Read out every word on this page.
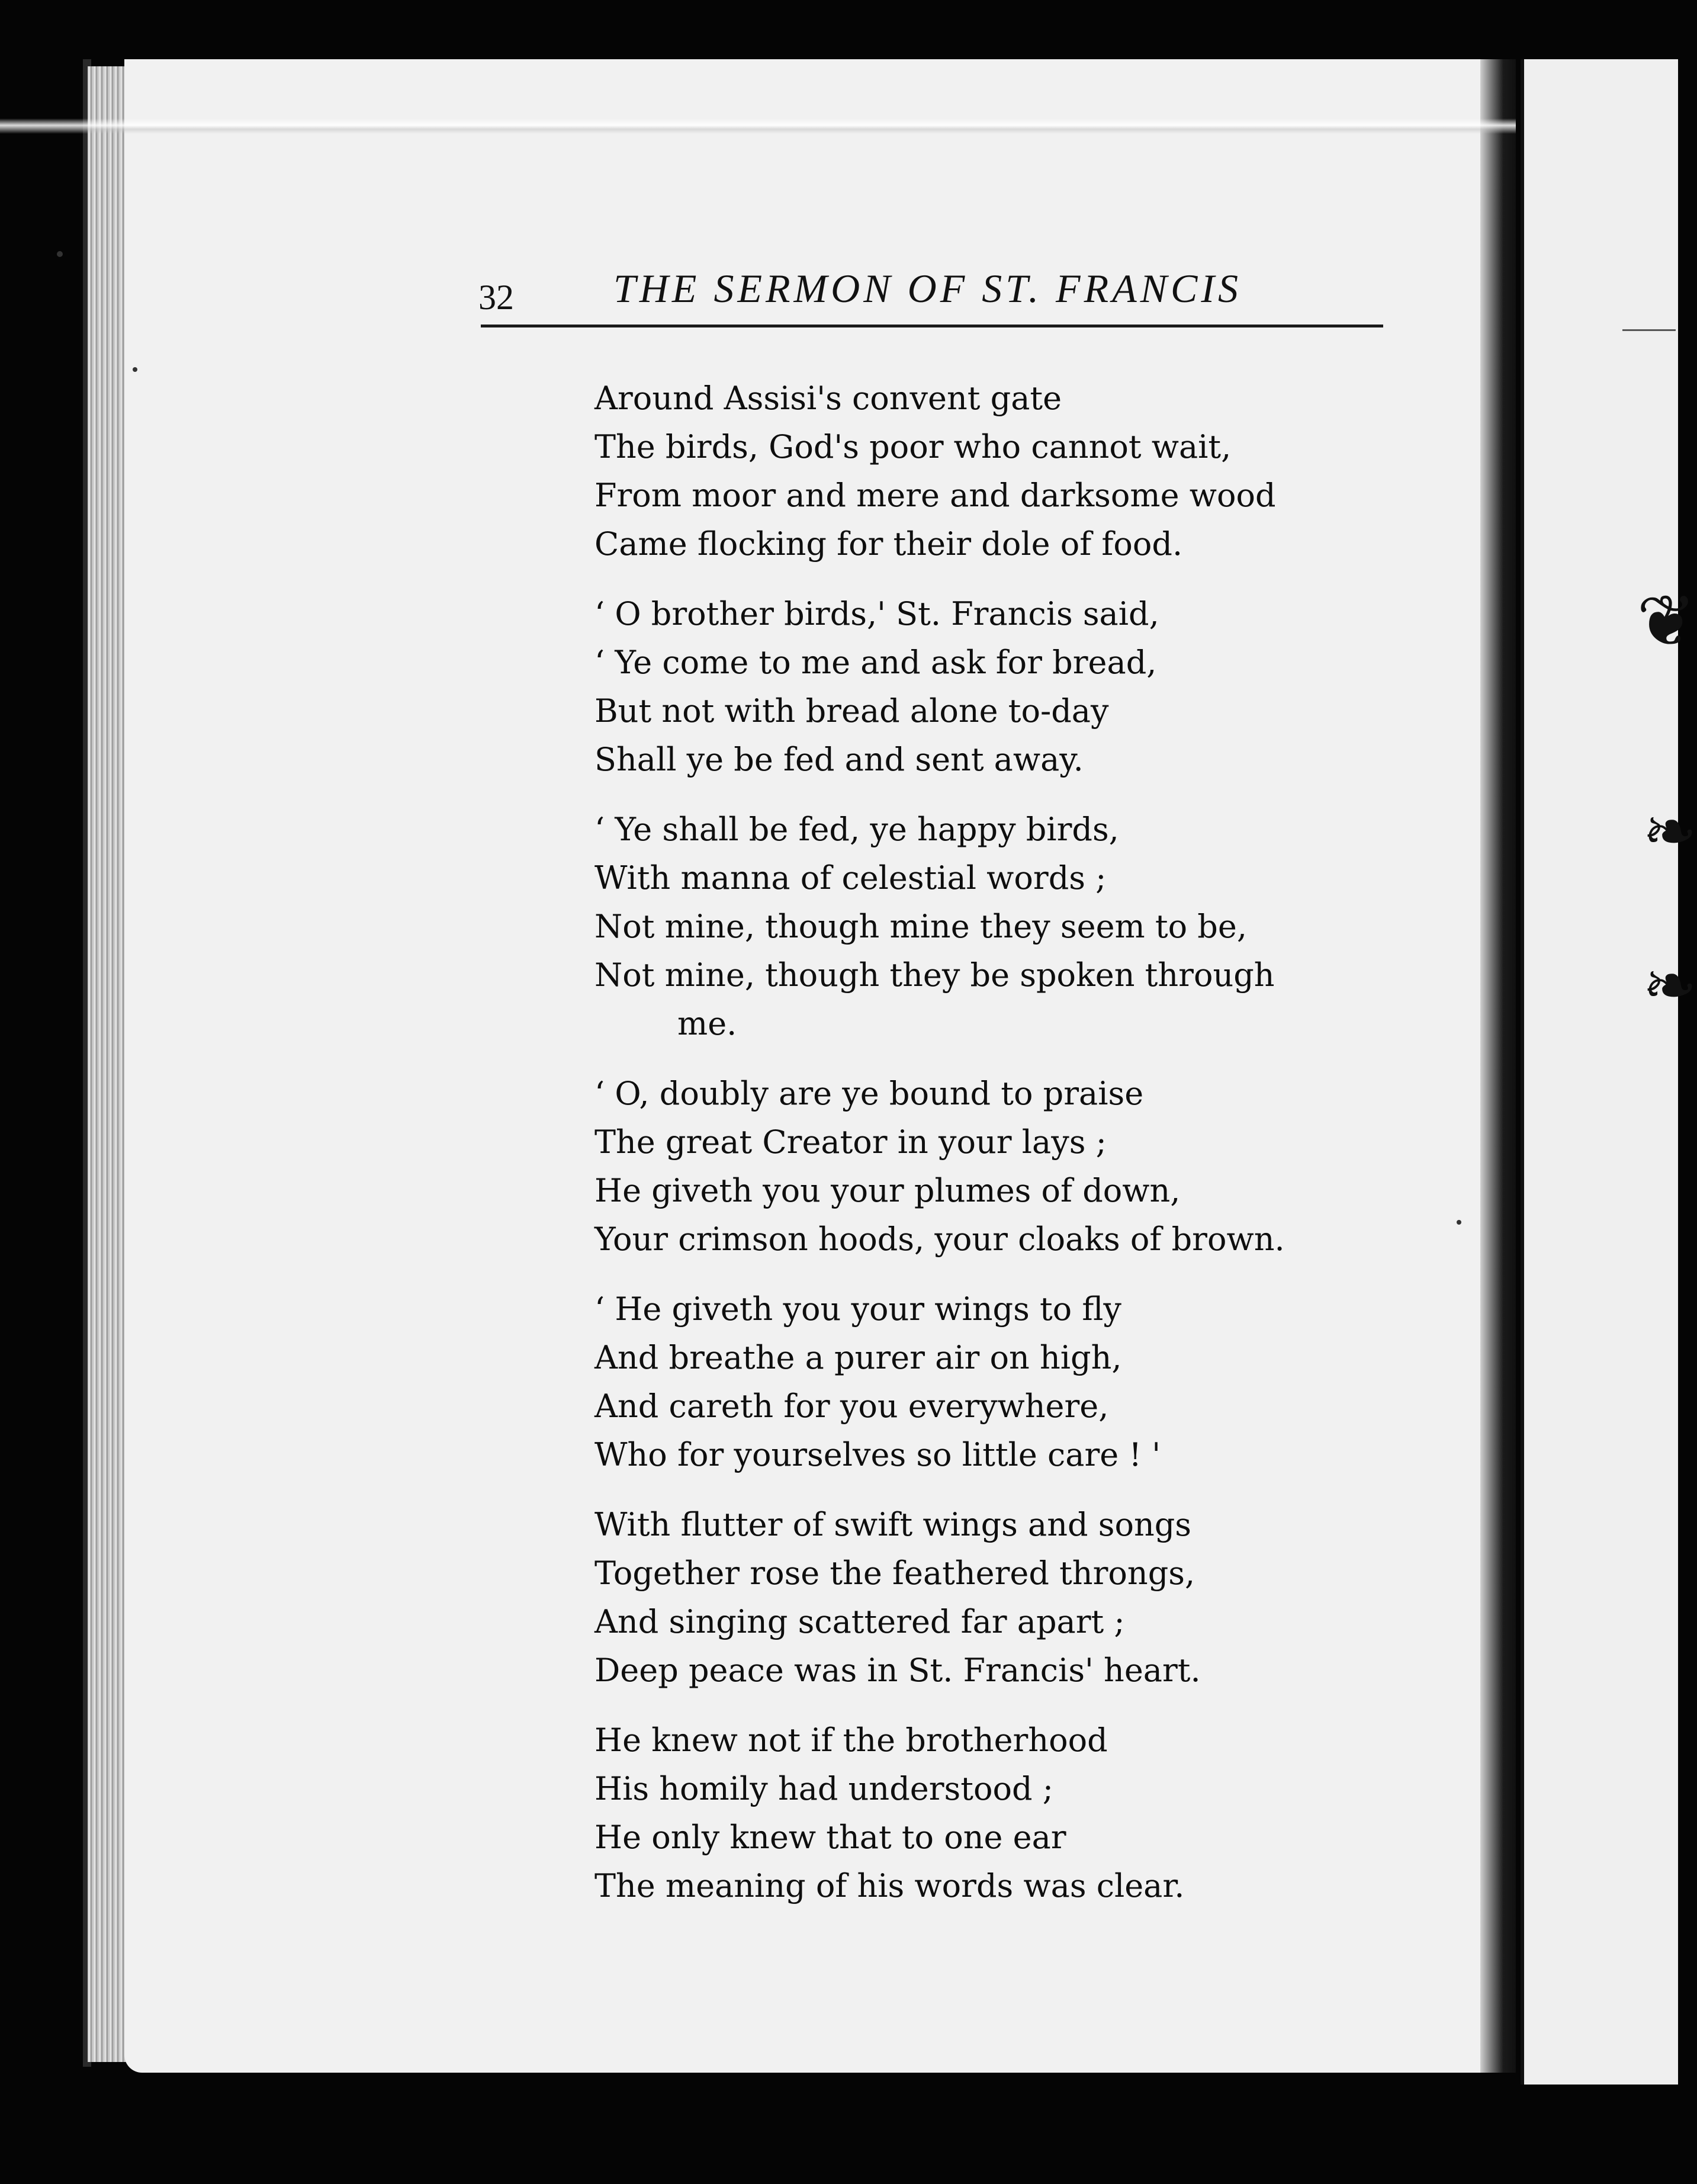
❦
❧
❧
32 THE SERMON OF ST. FRANCIS
Around Assisi's convent gate
The birds, God's poor who cannot wait,
From moor and mere and darksome wood
Came flocking for their dole of food.
‘ O brother birds,' St. Francis said,
‘ Ye come to me and ask for bread,
But not with bread alone to-day
Shall ye be fed and sent away.
‘ Ye shall be fed, ye happy birds,
With manna of celestial words ;
Not mine, though mine they seem to be,
Not mine, though they be spoken through
me.
‘ O, doubly are ye bound to praise
The great Creator in your lays ;
He giveth you your plumes of down,
Your crimson hoods, your cloaks of brown.
‘ He giveth you your wings to fly
And breathe a purer air on high,
And careth for you everywhere,
Who for yourselves so little care ! '
With flutter of swift wings and songs
Together rose the feathered throngs,
And singing scattered far apart ;
Deep peace was in St. Francis' heart.
He knew not if the brotherhood
His homily had understood ;
He only knew that to one ear
The meaning of his words was clear.
